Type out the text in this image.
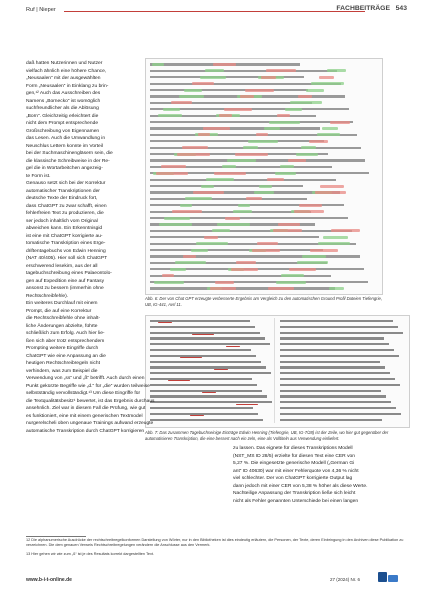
Ruf | Nieper	FACHBEITRÄGE 543
daß hatten Nutzerinnen und Nutzer
vielfach ähnlich eine höhere Chance,
„Neusaalen“ mit der ausgewählten
Form „Neusaalen“ in Einklang zu brin-
gen,¹² Auch das Ausschreiben des
Namens „Bornecko“ ist womöglich
suchfreundlicher als die Ablösung
„Born“. Gleichzeitig erleichtert die
nicht dem Prompt entsprechende
Großschreibung von Eigennamen
das Lesen. Auch die Umwandlung in
Neuschlus Lettern konnte im Vorteil
bei der Suchmaschinengläsern sein, die
die klassische Schreibweise in der Re-
gel die in Wortarbeitchen angezeig-
te Form ist.
Genauso setzt sich bei der Korrektur
automatischer Transkriptionen der
deutsche Texte der Eindruck fort,
dass ChatGPT zu zwar schafft, einen
fehlerfreien Text zu produzieren, die
ser jedoch inhaltlich vom Original
abweichen kann. Ein Erkenntnisgid
ist eine mit ChatGPT korrigierte au-
tomatische Transkription eines Erge-
driftentagebuchs von Edwin Henning
(NAT 40/405). Hier soll sich ChatGPT
erschwerend lesekirn, aus der all
tagebuchschreibung eines Palaeontolo-
gen auf Expedition eine auf Fantasy
ansonst zu bessern (immerhin ohne
Rechtschreibfehle).
Ein weiteres Durchlauf mit einem
Prompt, die auf eine Korrektur
die Rechtschreibfehle ohne inhalt-
liche Änderungen abzielte, führte
schließlich zum Erfolg. Auch hier lie-
ßen sich aber trotz entsprechendem
Prompting weitere Eingriffe durch
ChatGPT wie eine Anpassung an die
heutigen Rechtschreibregeln nicht
verhindern, was zum Beispiel die
Abb. 6: Der von Chat GPT erzeugte verbesserte Ergebnis am Vergleich zu den automatischen Ground Profil Dateien Tiefengrie, UB, IG-441, Avrl 11.
Abb. 7: Das zusammen Tagebuchseinige Einträge Edwin Henning (Tiefengrie, UB, IG-7/28) ist der Zeile, wo hier gut gegenüber der automatisieren Transkription, die eine bessert nach ein zeln, eine als Volltiteln aus Verwendung einliefert.
Verwendung von „ss“ und „ß“ betrifft. Auch durch einen
Punkt gekürzte Begriffe wie „d.“ für „die“ wurden teilweise
selbstständig vervollständigt.¹³ Um diese Eingriffe für
die Textqualitätsbesitz¹ bewertet, ist das Ergebnis durchaus
ansehnlich. Ziel war in diesem Fall die Prüfung, wie gut
es funktioniert, eine mit einem generischen Textmodel
nurgerelscheli oben ungenaue Trainings aufwand erzeugte
automatische Transkription durch ChatGPT korrigieren
zu lassen. Das eignete für dieses Transkriptions Modell
(NST_MS ID 28/5) erzielte für diesen Text eine CER von
5,27 %. Die eingesetzte generische Modell („German Gi
ant“ ID 40630) war mit einer Fehlerquote von 4,36 % nicht
viel schlechter. Der von ChatGPT korrigierte Output lag
dann jedoch mit einer CER von 5,38 % höher als diese Werte.
Nachteilige Anpassung der Transkription ließe sich leicht
nicht als Fehler genannten Unterschiede bei einen langen
12 Die alphanumerische Ausdrücke der rechtschreibregelkonformen Darstellung von Wörter, nur in den Bibliotheken ist dies eindeutig erläutern, die Personen, der Texte, deren Einbringung in den Archiven diese Publikation zu verzeichnen. Die dem genauen Verweis Rechtschreibregelungen verändern die Anschlusse aus den Vermerk.
13 Hier gehen wir wie zum „ß“ ist je des Resultats korrekt dargestellten Text.
www.b-i-t-online.de	27 (2024) Nr. 6
